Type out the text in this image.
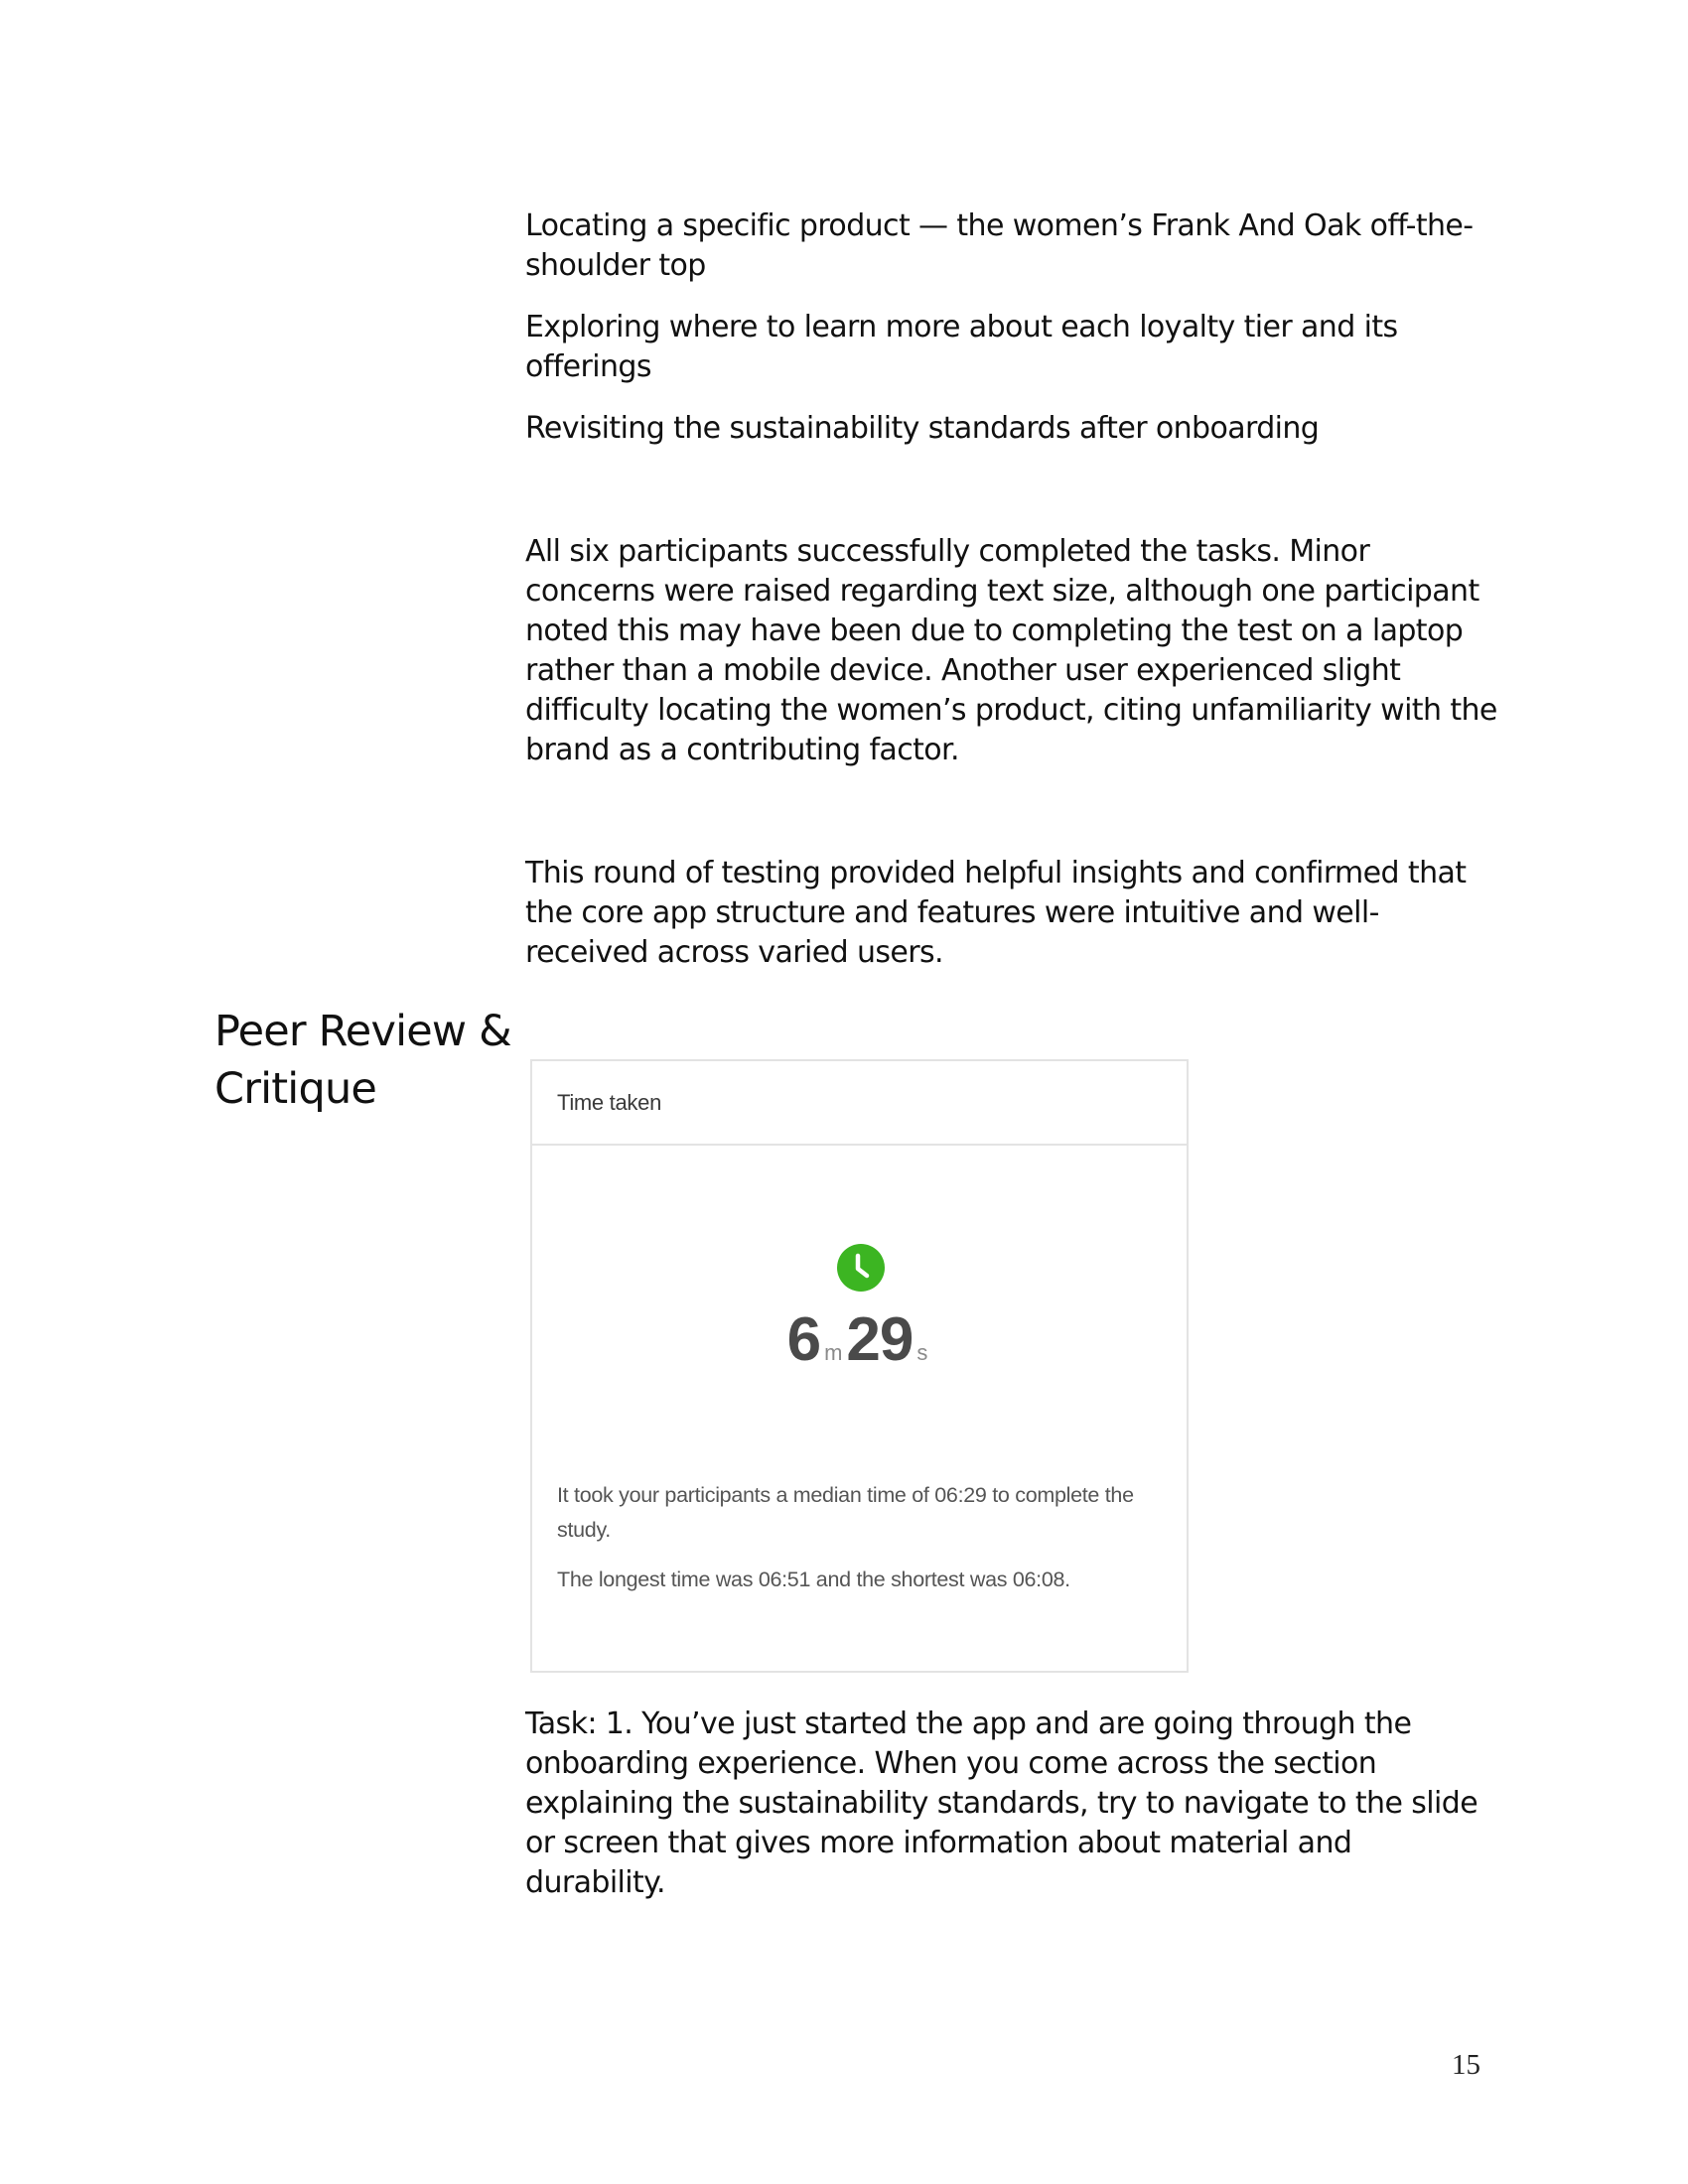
Locating a specific product — the women’s Frank And Oak off-the-shoulder top

Exploring where to learn more about each loyalty tier and its offerings

Revisiting the sustainability standards after onboarding

All six participants successfully completed the tasks. Minor concerns were raised regarding text size, although one participant noted this may have been due to completing the test on a laptop rather than a mobile device. Another user experienced slight difficulty locating the women’s product, citing unfamiliarity with the brand as a contributing factor.

This round of testing provided helpful insights and confirmed that the core app structure and features were intuitive and well-received across varied users.

Peer Review & Critique	Time taken
6 m29 s

It took your participants a median time of 06:29 to complete the study.

The longest time was 06:51 and the shortest was 06:08.

Task: 1. You’ve just started the app and are going through the onboarding experience. When you come across the section explaining the sustainability standards, try to navigate to the slide or screen that gives more information about material and durability.

15
